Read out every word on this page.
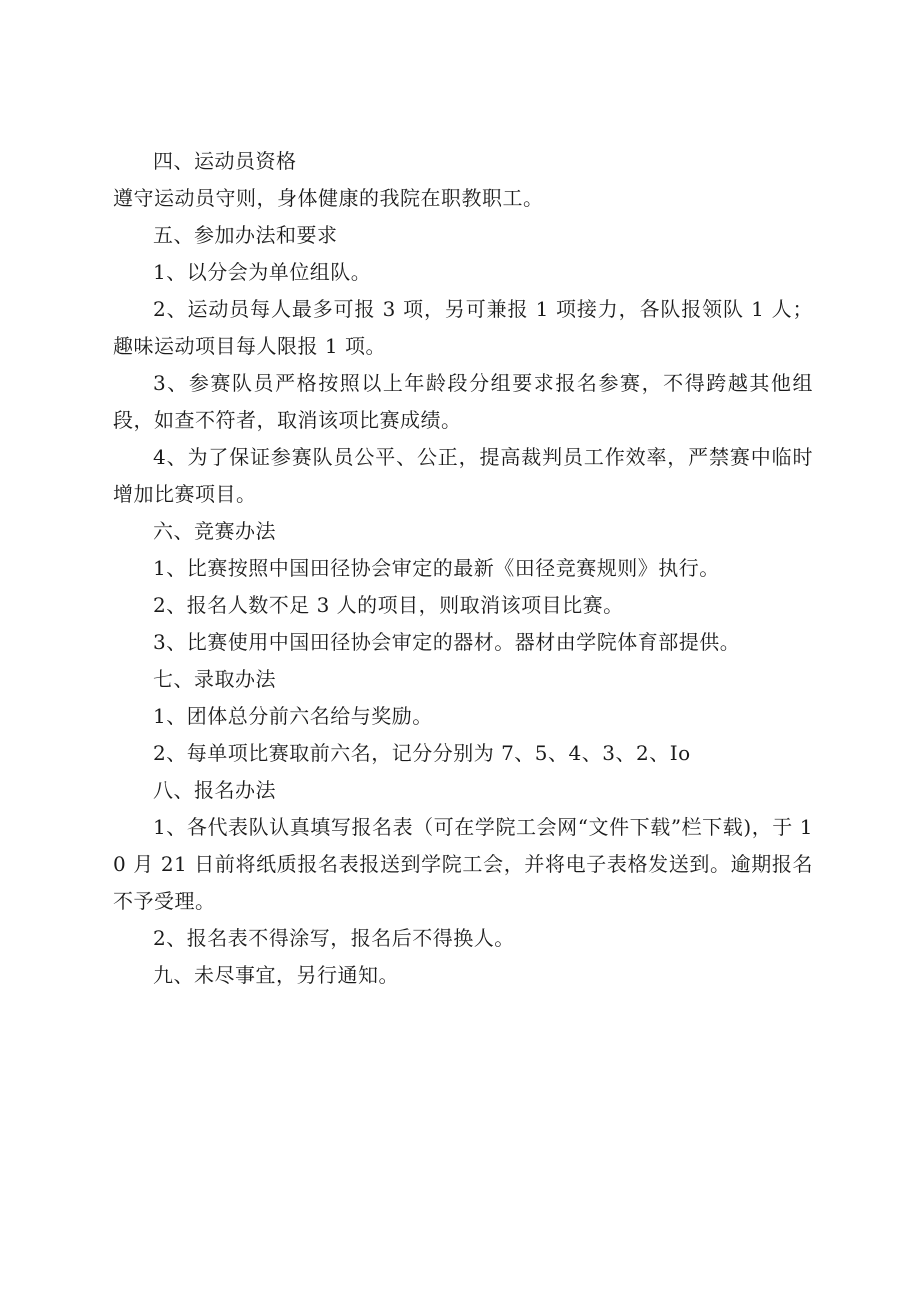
四、运动员资格

遵守运动员守则，身体健康的我院在职教职工。

五、参加办法和要求

1、以分会为单位组队。

2、运动员每人最多可报 3 项，另可兼报 1 项接力，各队报领队 1 人；趣味运动项目每人限报 1 项。

3、参赛队员严格按照以上年龄段分组要求报名参赛，不得跨越其他组段，如查不符者，取消该项比赛成绩。

4、为了保证参赛队员公平、公正，提高裁判员工作效率，严禁赛中临时增加比赛项目。

六、竞赛办法

1、比赛按照中国田径协会审定的最新《田径竞赛规则》执行。

2、报名人数不足 3 人的项目，则取消该项目比赛。

3、比赛使用中国田径协会审定的器材。器材由学院体育部提供。

七、录取办法

1、团体总分前六名给与奖励。

2、每单项比赛取前六名，记分分别为 7、5、4、3、2、Io

八、报名办法

1、各代表队认真填写报名表（可在学院工会网“文件下载”栏下载)，于 10 月 21 日前将纸质报名表报送到学院工会，并将电子表格发送到。逾期报名不予受理。

2、报名表不得涂写，报名后不得换人。

九、未尽事宜，另行通知。
